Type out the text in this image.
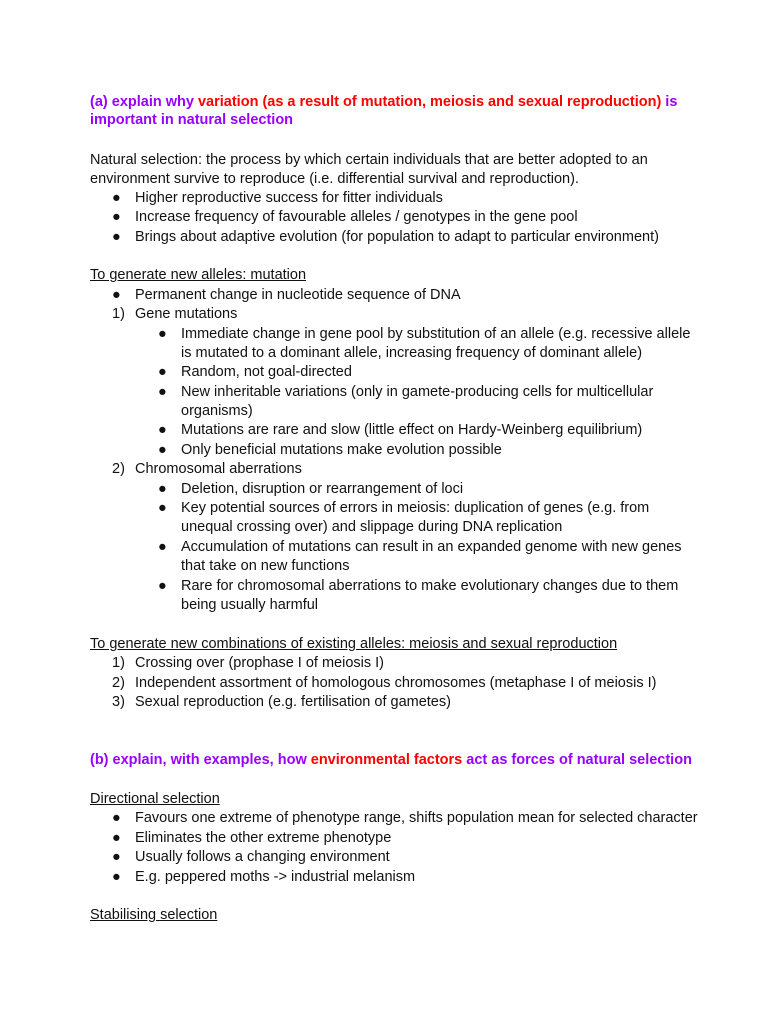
(a) explain why variation (as a result of mutation, meiosis and sexual reproduction) is
important in natural selection
Natural selection: the process by which certain individuals that are better adopted to an
environment survive to reproduce (i.e. differential survival and reproduction).
● Higher reproductive success for fitter individuals
● Increase frequency of favourable alleles / genotypes in the gene pool
● Brings about adaptive evolution (for population to adapt to particular environment)
To generate new alleles: mutation
● Permanent change in nucleotide sequence of DNA
1) Gene mutations
● Immediate change in gene pool by substitution of an allele (e.g. recessive allele
is mutated to a dominant allele, increasing frequency of dominant allele)
● Random, not goal-directed
● New inheritable variations (only in gamete-producing cells for multicellular
organisms)
● Mutations are rare and slow (little effect on Hardy-Weinberg equilibrium)
● Only beneficial mutations make evolution possible
2) Chromosomal aberrations
● Deletion, disruption or rearrangement of loci
● Key potential sources of errors in meiosis: duplication of genes (e.g. from
unequal crossing over) and slippage during DNA replication
● Accumulation of mutations can result in an expanded genome with new genes
that take on new functions
● Rare for chromosomal aberrations to make evolutionary changes due to them
being usually harmful
To generate new combinations of existing alleles: meiosis and sexual reproduction
1) Crossing over (prophase I of meiosis I)
2) Independent assortment of homologous chromosomes (metaphase I of meiosis I)
3) Sexual reproduction (e.g. fertilisation of gametes)
(b) explain, with examples, how environmental factors act as forces of natural selection
Directional selection
● Favours one extreme of phenotype range, shifts population mean for selected character
● Eliminates the other extreme phenotype
● Usually follows a changing environment
● E.g. peppered moths -> industrial melanism
Stabilising selection
